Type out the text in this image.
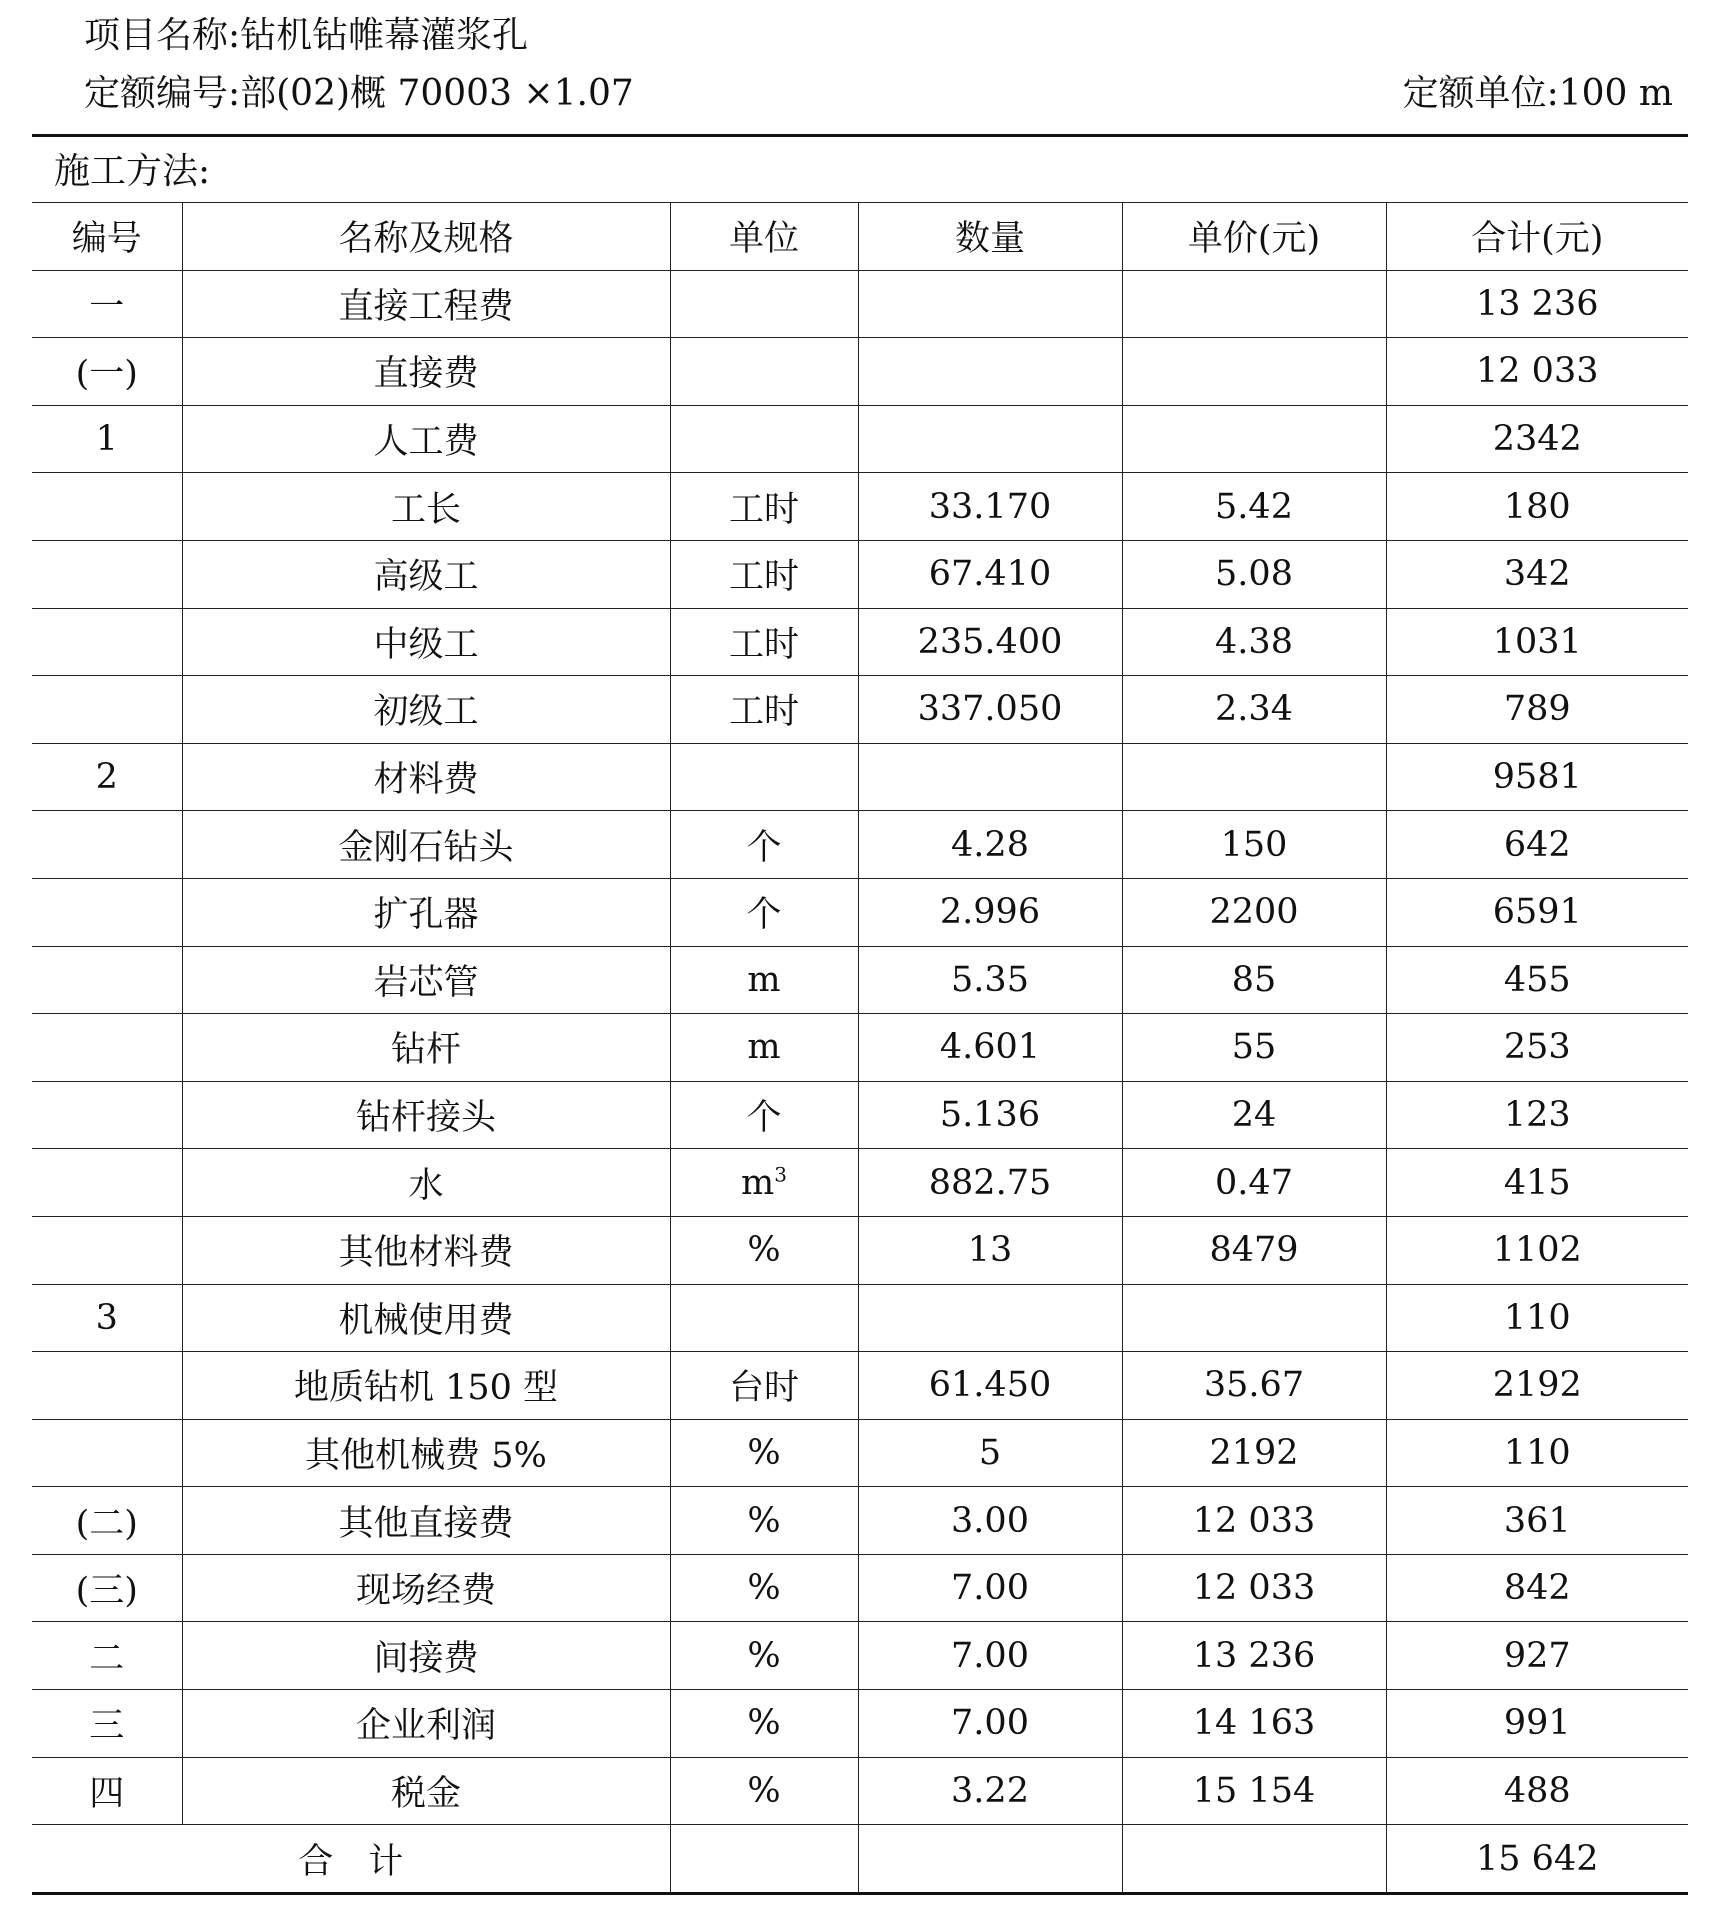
项目名称:钻机钻帷幕灌浆孔
定额编号:部(02)概 70003 ×1.07	定额单位:100 m
施工方法:
编号	名称及规格	单位	数量	单价(元)	合计(元)
一	直接工程费				13 236
(一)	直接费				12 033
1	人工费				2342
	工长	工时	33.170	5.42	180
	高级工	工时	67.410	5.08	342
	中级工	工时	235.400	4.38	1031
	初级工	工时	337.050	2.34	789
2	材料费				9581
	金刚石钻头	个	4.28	150	642
	扩孔器	个	2.996	2200	6591
	岩芯管	m	5.35	85	455
	钻杆	m	4.601	55	253
	钻杆接头	个	5.136	24	123
	水	$m^3$	882.75	0.47	415
	其他材料费	%	13	8479	1102
3	机械使用费				110
	地质钻机 150 型	台时	61.450	35.67	2192
	其他机械费 5%	%	5	2192	110
(二)	其他直接费	%	3.00	12 033	361
(三)	现场经费	%	7.00	12 033	842
二	间接费	%	7.00	13 236	927
三	企业利润	%	7.00	14 163	991
四	税金	%	3.22	15 154	488
合　计					15 642
